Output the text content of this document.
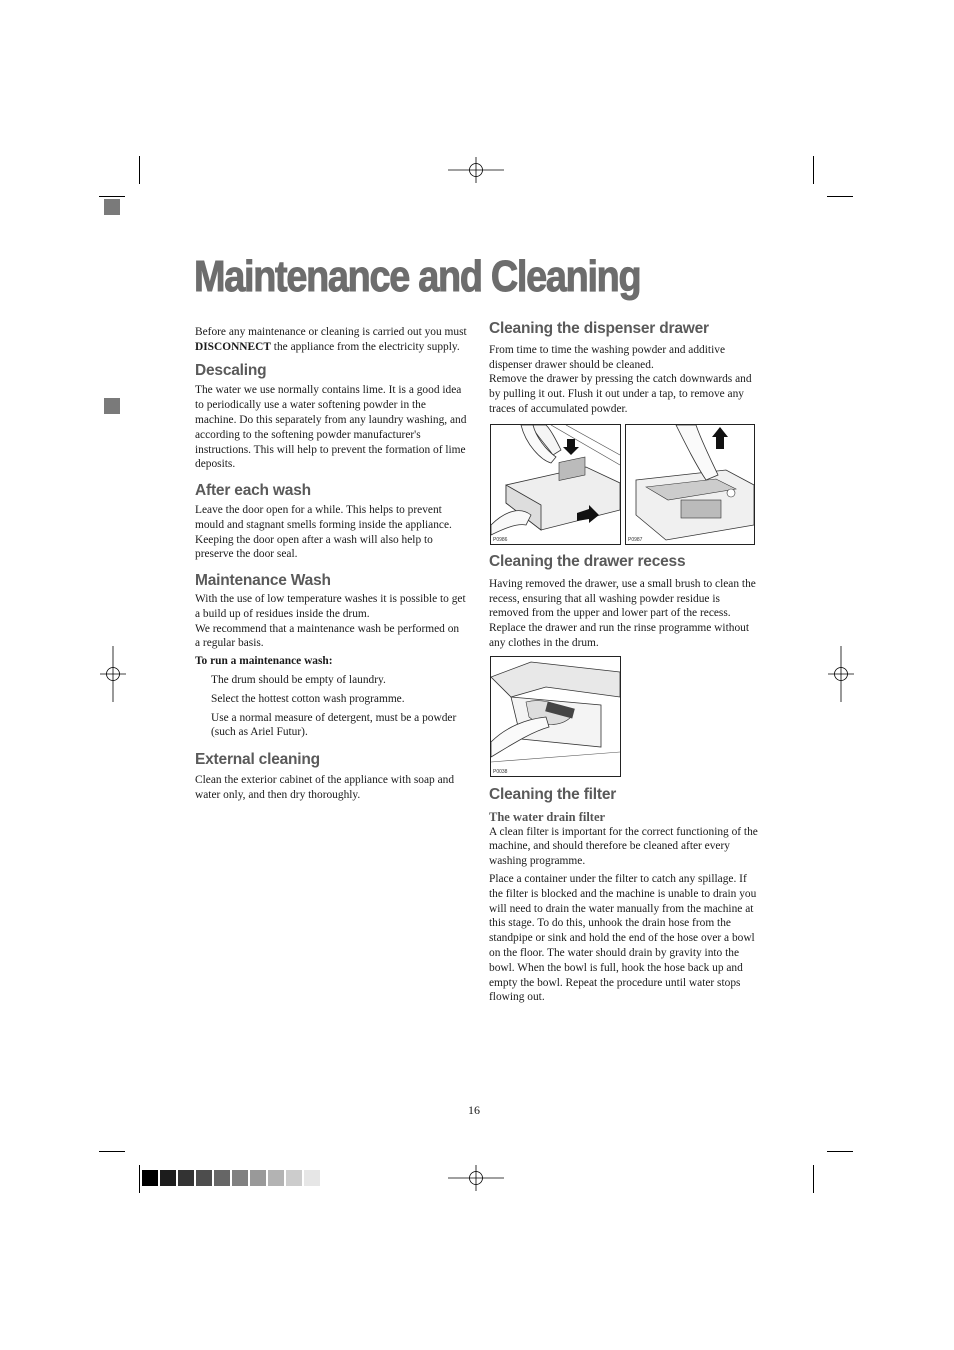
Maintenance and Cleaning

Before any maintenance or cleaning is carried out you must DISCONNECT the appliance from the electricity supply.

Descaling

The water we use normally contains lime. It is a good idea to periodically use a water softening powder in the machine. Do this separately from any laundry washing, and according to the softening powder manufacturer's instructions. This will help to prevent the formation of lime deposits.

After each wash

Leave the door open for a while. This helps to prevent mould and stagnant smells forming inside the appliance. Keeping the door open after a wash will also help to preserve the door seal.

Maintenance Wash

With the use of low temperature washes it is possible to get a build up of residues inside the drum.

We recommend that a maintenance wash be performed on a regular basis.

To run a maintenance wash:

The drum should be empty of laundry.

Select the hottest cotton wash programme.

Use a normal measure of detergent, must be a powder (such as Ariel Futur).

External cleaning

Clean the exterior cabinet of the appliance with soap and water only, and then dry thoroughly.

Cleaning the dispenser drawer

From time to time the washing powder and additive dispenser drawer should be cleaned.

Remove the drawer by pressing the catch downwards and by pulling it out. Flush it out under a tap, to remove any traces of accumulated powder.

P0986	P0987
Cleaning the drawer recess

Having removed the drawer, use a small brush to clean the recess, ensuring that all washing powder residue is removed from the upper and lower part of the recess. Replace the drawer and run the rinse programme without any clothes in the drum.

P0038
Cleaning the filter

The water drain filter

A clean filter is important for the correct functioning of the machine, and should therefore be cleaned after every washing programme.

Place a container under the filter to catch any spillage. If the filter is blocked and the machine is unable to drain you will need to drain the water manually from the machine at this stage. To do this, unhook the drain hose from the standpipe or sink and hold the end of the hose over a bowl on the floor. The water should drain by gravity into the bowl. When the bowl is full, hook the hose back up and empty the bowl. Repeat the procedure until water stops flowing out.

16
